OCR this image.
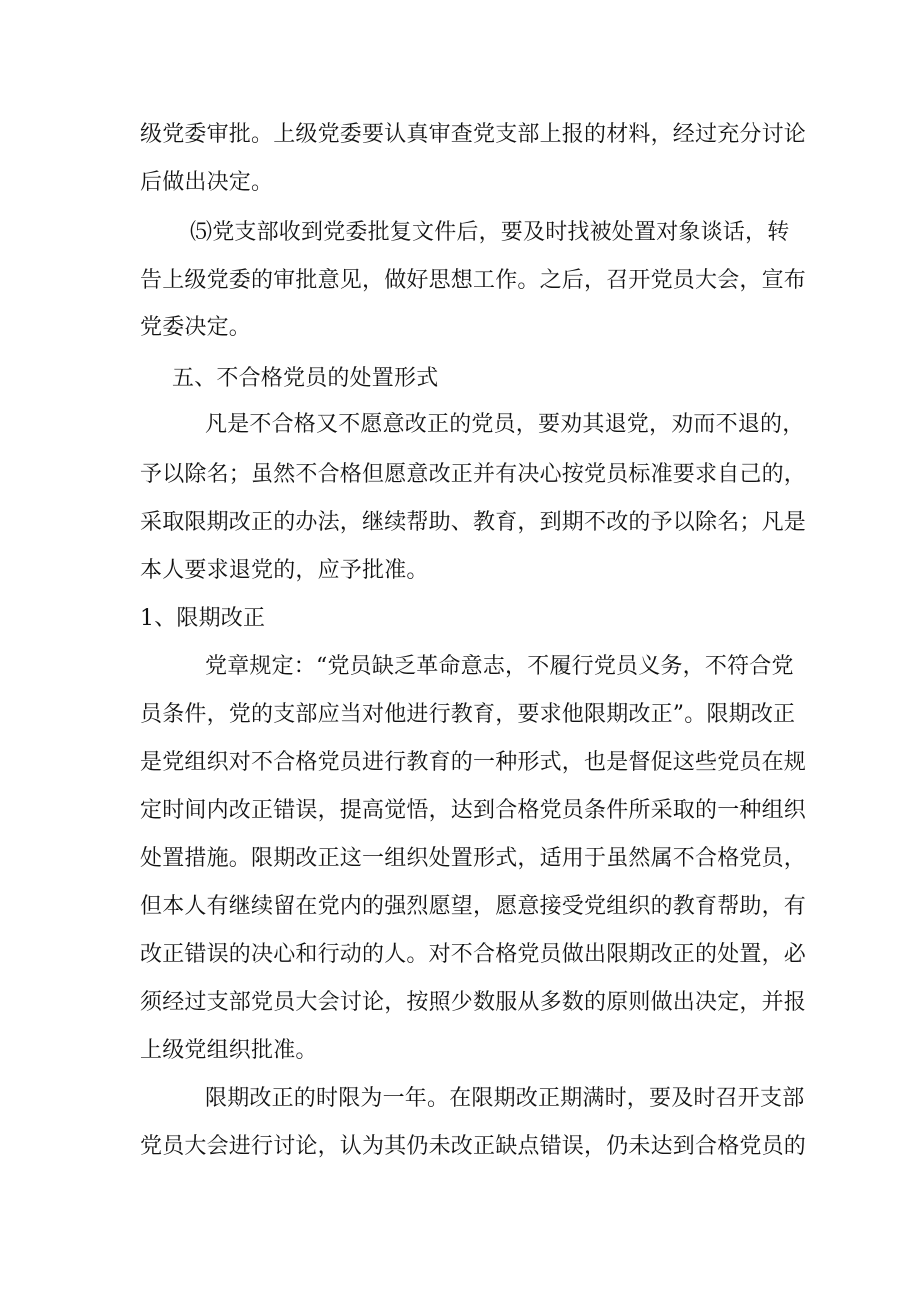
级党委审批。上级党委要认真审查党支部上报的材料，经过充分讨论
后做出决定。
⑸党支部收到党委批复文件后，要及时找被处置对象谈话，转
告上级党委的审批意见，做好思想工作。之后，召开党员大会，宣布
党委决定。
五、不合格党员的处置形式
凡是不合格又不愿意改正的党员，要劝其退党，劝而不退的，
予以除名；虽然不合格但愿意改正并有决心按党员标准要求自己的，
采取限期改正的办法，继续帮助、教育，到期不改的予以除名；凡是
本人要求退党的，应予批准。
1、限期改正
党章规定：“党员缺乏革命意志，不履行党员义务，不符合党
员条件，党的支部应当对他进行教育，要求他限期改正”。限期改正
是党组织对不合格党员进行教育的一种形式，也是督促这些党员在规
定时间内改正错误，提高觉悟，达到合格党员条件所采取的一种组织
处置措施。限期改正这一组织处置形式，适用于虽然属不合格党员，
但本人有继续留在党内的强烈愿望，愿意接受党组织的教育帮助，有
改正错误的决心和行动的人。对不合格党员做出限期改正的处置，必
须经过支部党员大会讨论，按照少数服从多数的原则做出决定，并报
上级党组织批准。
限期改正的时限为一年。在限期改正期满时，要及时召开支部
党员大会进行讨论，认为其仍未改正缺点错误，仍未达到合格党员的
